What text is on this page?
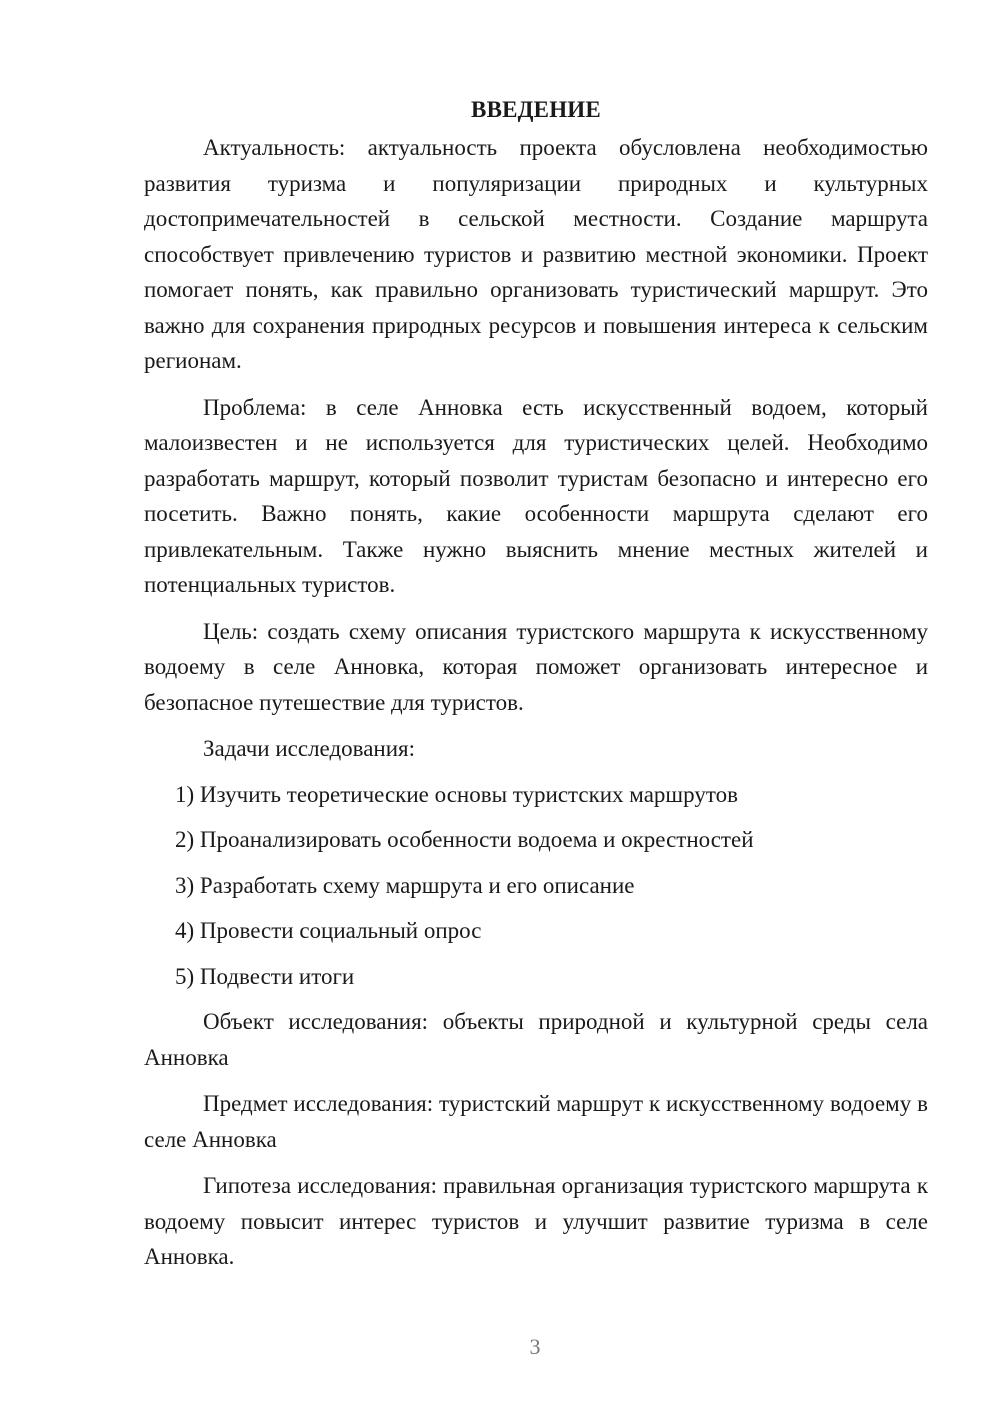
ВВЕДЕНИЕ

Актуальность: актуальность проекта обусловлена необходимостью развития туризма и популяризации природных и культурных достопримечательностей в сельской местности. Создание маршрута способствует привлечению туристов и развитию местной экономики. Проект помогает понять, как правильно организовать туристический маршрут. Это важно для сохранения природных ресурсов и повышения интереса к сельским регионам.

Проблема: в селе Анновка есть искусственный водоем, который малоизвестен и не используется для туристических целей. Необходимо разработать маршрут, который позволит туристам безопасно и интересно его посетить. Важно понять, какие особенности маршрута сделают его привлекательным. Также нужно выяснить мнение местных жителей и потенциальных туристов.

Цель: создать схему описания туристского маршрута к искусственному водоему в селе Анновка, которая поможет организовать интересное и безопасное путешествие для туристов.

Задачи исследования:

1) Изучить теоретические основы туристских маршрутов
2) Проанализировать особенности водоема и окрестностей
3) Разработать схему маршрута и его описание
4) Провести социальный опрос
5) Подвести итоги

Объект исследования: объекты природной и культурной среды села Анновка

Предмет исследования: туристский маршрут к искусственному водоему в селе Анновка

Гипотеза исследования: правильная организация туристского маршрута к водоему повысит интерес туристов и улучшит развитие туризма в селе Анновка.

3
